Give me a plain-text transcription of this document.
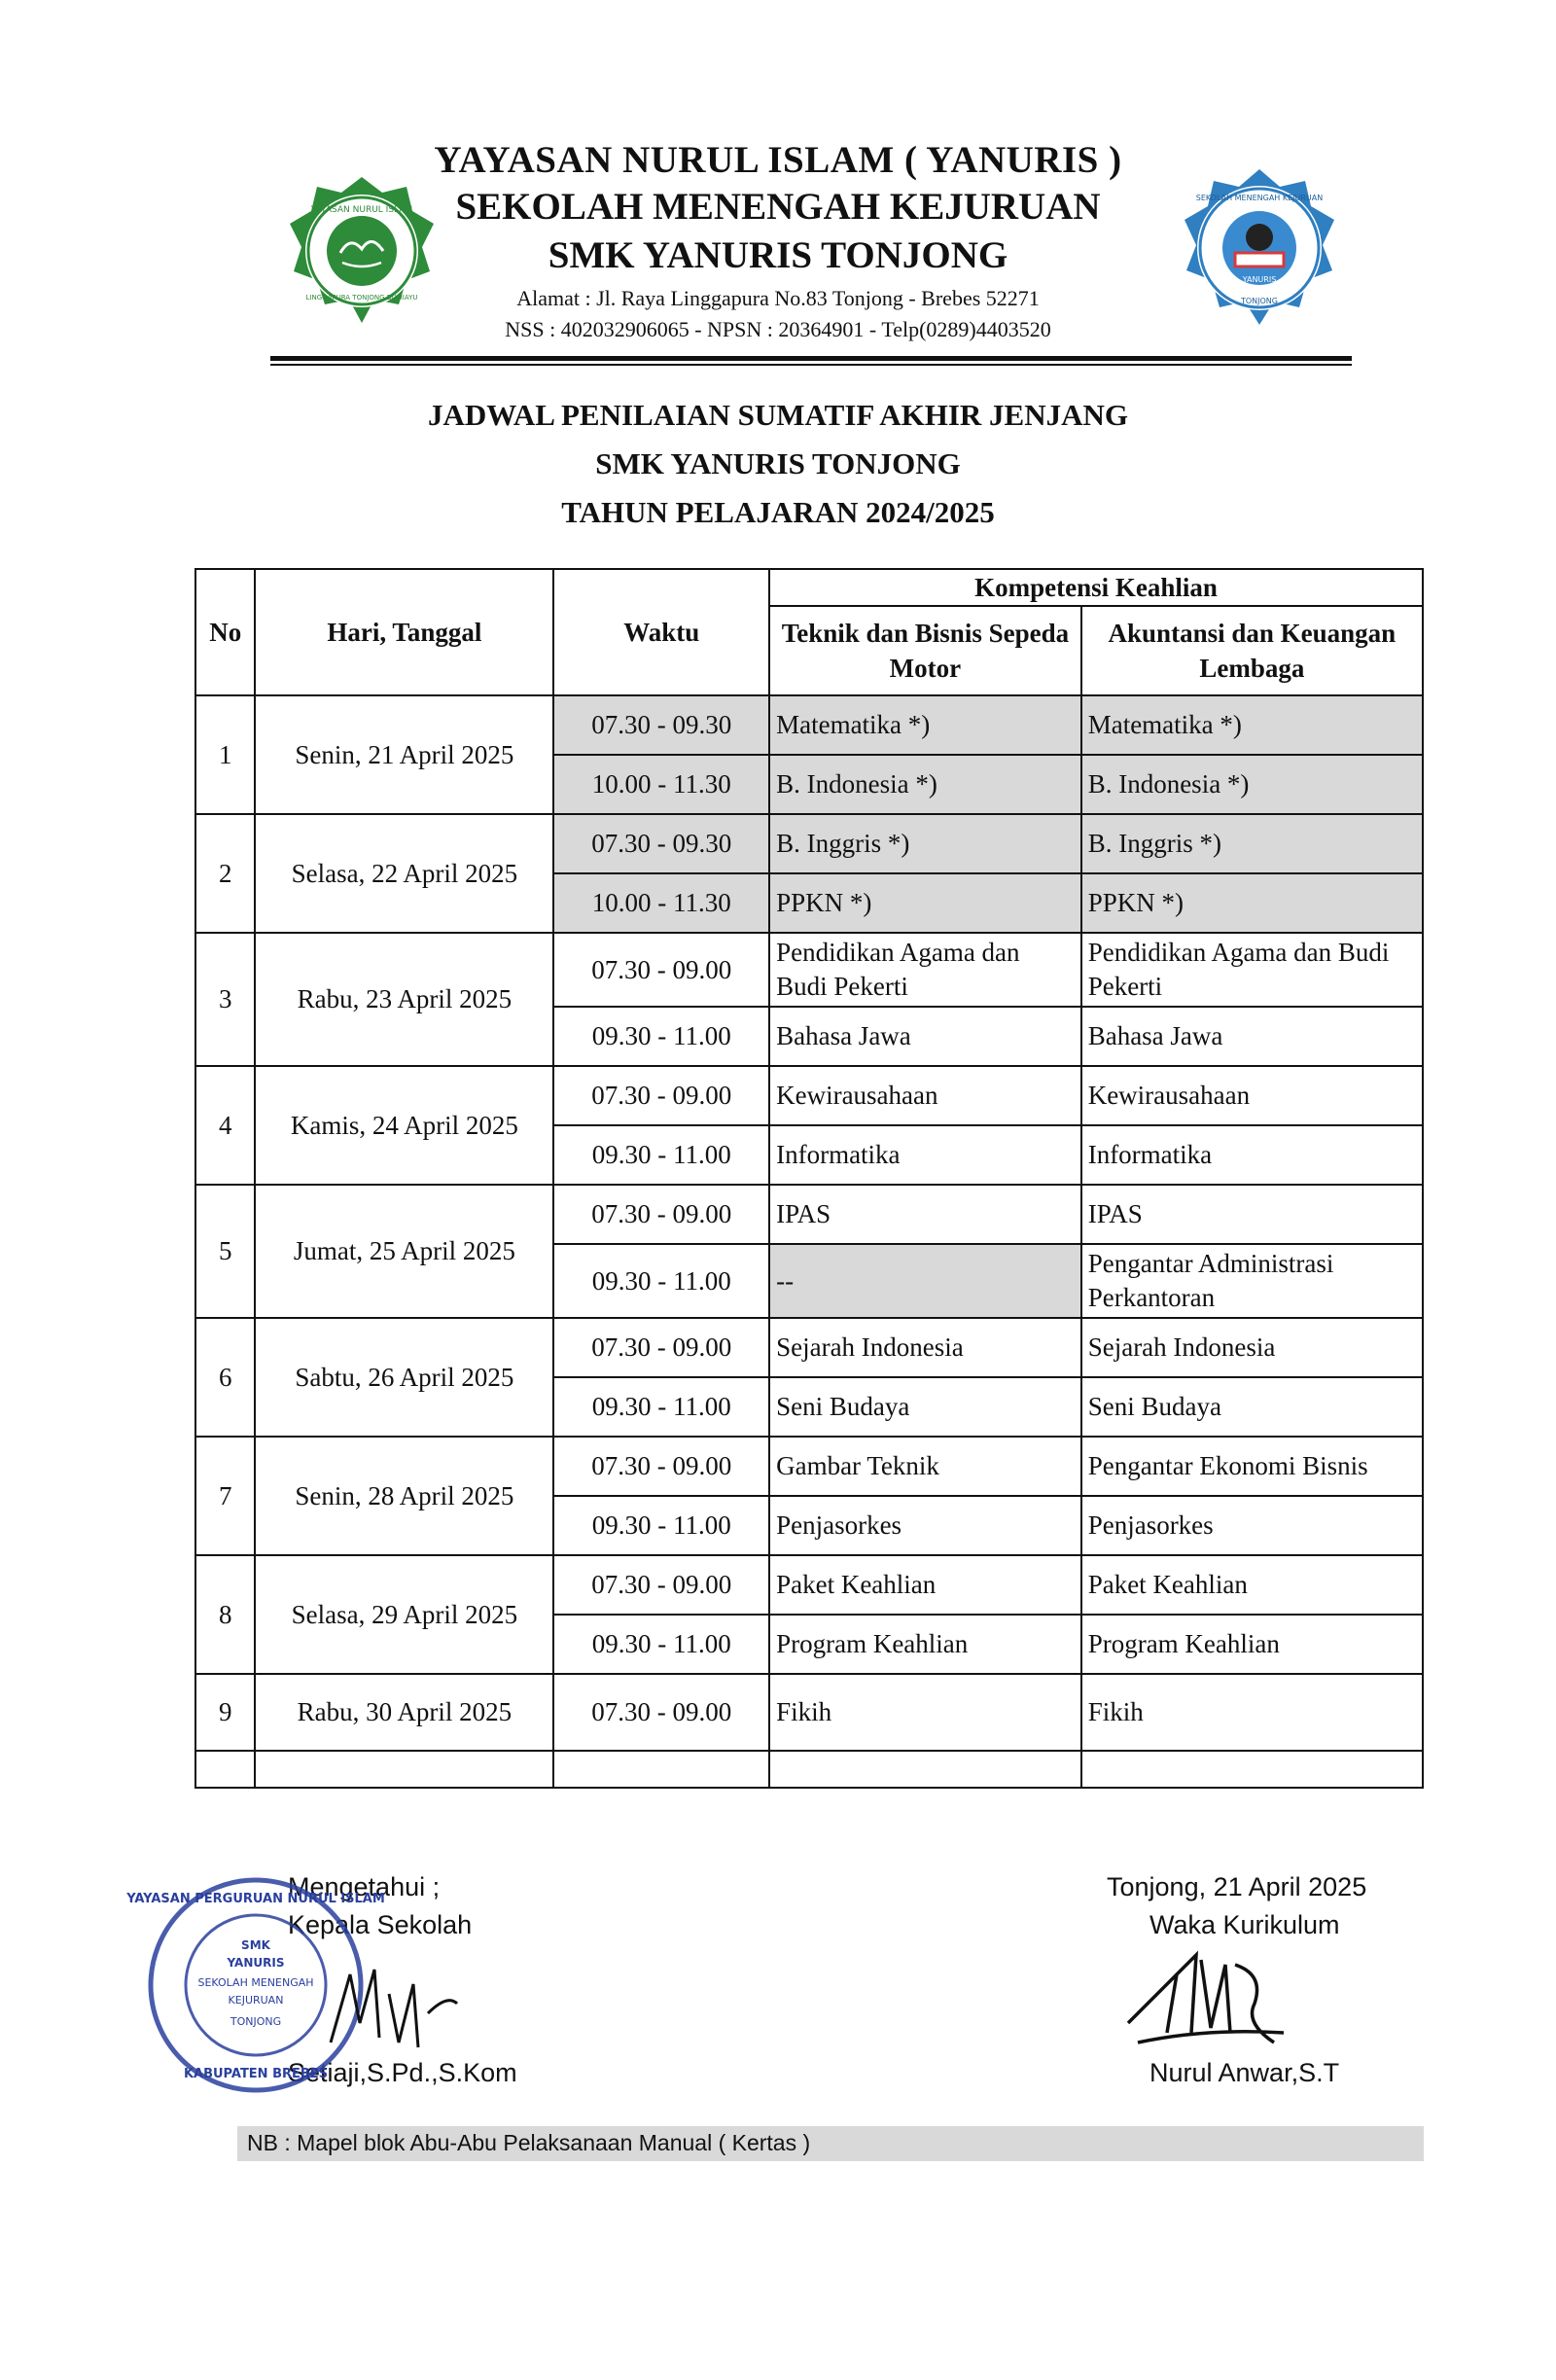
YAYASAN NURUL ISLAM
LINGGAPURA TONJONG BUMIAYU
YAYASAN NURUL ISLAM ( YANURIS )
SEKOLAH MENENGAH KEJURUAN
SMK YANURIS TONJONG
Alamat : Jl. Raya Linggapura No.83 Tonjong - Brebes 52271
NSS : 402032906065 - NPSN : 20364901 - Telp(0289)4403520
SEKOLAH MENENGAH KEJURUAN
YANURIS
TONJONG
JADWAL PENILAIAN SUMATIF AKHIR JENJANG
SMK YANURIS TONJONG
TAHUN PELAJARAN 2024/2025
No	Hari, Tanggal	Waktu	Kompetensi Keahlian	
			Teknik dan Bisnis Sepeda Motor	Akuntansi dan Keuangan Lembaga
1	Senin, 21 April 2025	07.30 - 09.30	Matematika *)	Matematika *)
		10.00 - 11.30	B. Indonesia *)	B. Indonesia *)
2	Selasa, 22 April 2025	07.30 - 09.30	B. Inggris *)	B. Inggris *)
		10.00 - 11.30	PPKN *)	PPKN *)
3	Rabu, 23 April 2025	07.30 - 09.00	Pendidikan Agama dan Budi Pekerti	Pendidikan Agama dan Budi Pekerti
		09.30 - 11.00	Bahasa Jawa	Bahasa Jawa
4	Kamis, 24 April 2025	07.30 - 09.00	Kewirausahaan	Kewirausahaan
		09.30 - 11.00	Informatika	Informatika
5	Jumat, 25 April 2025	07.30 - 09.00	IPAS	IPAS
		09.30 - 11.00	--	Pengantar Administrasi Perkantoran
6	Sabtu, 26 April 2025	07.30 - 09.00	Sejarah Indonesia	Sejarah Indonesia
		09.30 - 11.00	Seni Budaya	Seni Budaya
7	Senin, 28 April 2025	07.30 - 09.00	Gambar Teknik	Pengantar Ekonomi Bisnis
		09.30 - 11.00	Penjasorkes	Penjasorkes
8	Selasa, 29 April 2025	07.30 - 09.00	Paket Keahlian	Paket Keahlian
		09.30 - 11.00	Program Keahlian	Program Keahlian
9	Rabu, 30 April 2025	07.30 - 09.00	Fikih	Fikih

Mengetahui ;
Kepala Sekolah
Setiaji,S.Pd.,S.Kom
YAYASAN PERGURUAN NURUL ISLAM
SMK
YANURIS
SEKOLAH MENENGAH
KEJURUAN
TONJONG
KABUPATEN BREBES
Tonjong, 21 April 2025
Waka Kurikulum
Nurul Anwar,S.T
NB : Mapel blok Abu-Abu Pelaksanaan Manual ( Kertas )
